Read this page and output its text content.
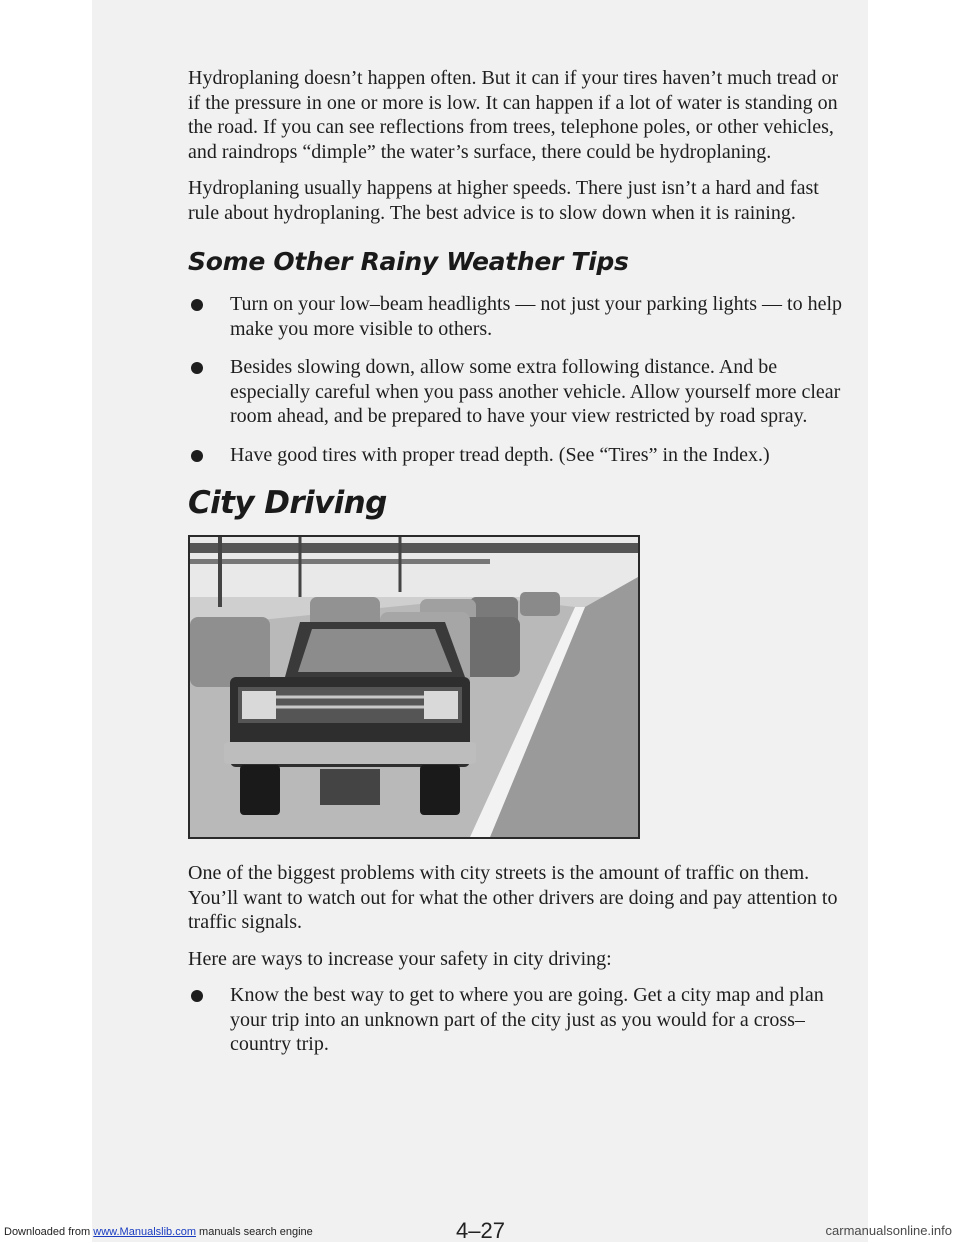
Hydroplaning doesn’t happen often. But it can if your tires haven’t much tread or if the pressure in one or more is low. It can happen if a lot of water is standing on the road. If you can see reflections from trees, telephone poles, or other vehicles, and raindrops “dimple” the water’s surface, there could be hydroplaning.

Hydroplaning usually happens at higher speeds. There just isn’t a hard and fast rule about hydroplaning. The best advice is to slow down when it is raining.

Some Other Rainy Weather Tips
Turn on your low–beam headlights — not just your parking lights — to help make you more visible to others.
Besides slowing down, allow some extra following distance. And be especially careful when you pass another vehicle. Allow yourself more clear room ahead, and be prepared to have your view restricted by road spray.
Have good tires with proper tread depth. (See “Tires” in the Index.)
City Driving

One of the biggest problems with city streets is the amount of traffic on them. You’ll want to watch out for what the other drivers are doing and pay attention to traffic signals.

Here are ways to increase your safety in city driving:

Know the best way to get to where you are going. Get a city map and plan your trip into an unknown part of the city just as you would for a cross–country trip.
4–27
Downloaded from www.Manualslib.com manuals search engine	carmanualsonline.info
